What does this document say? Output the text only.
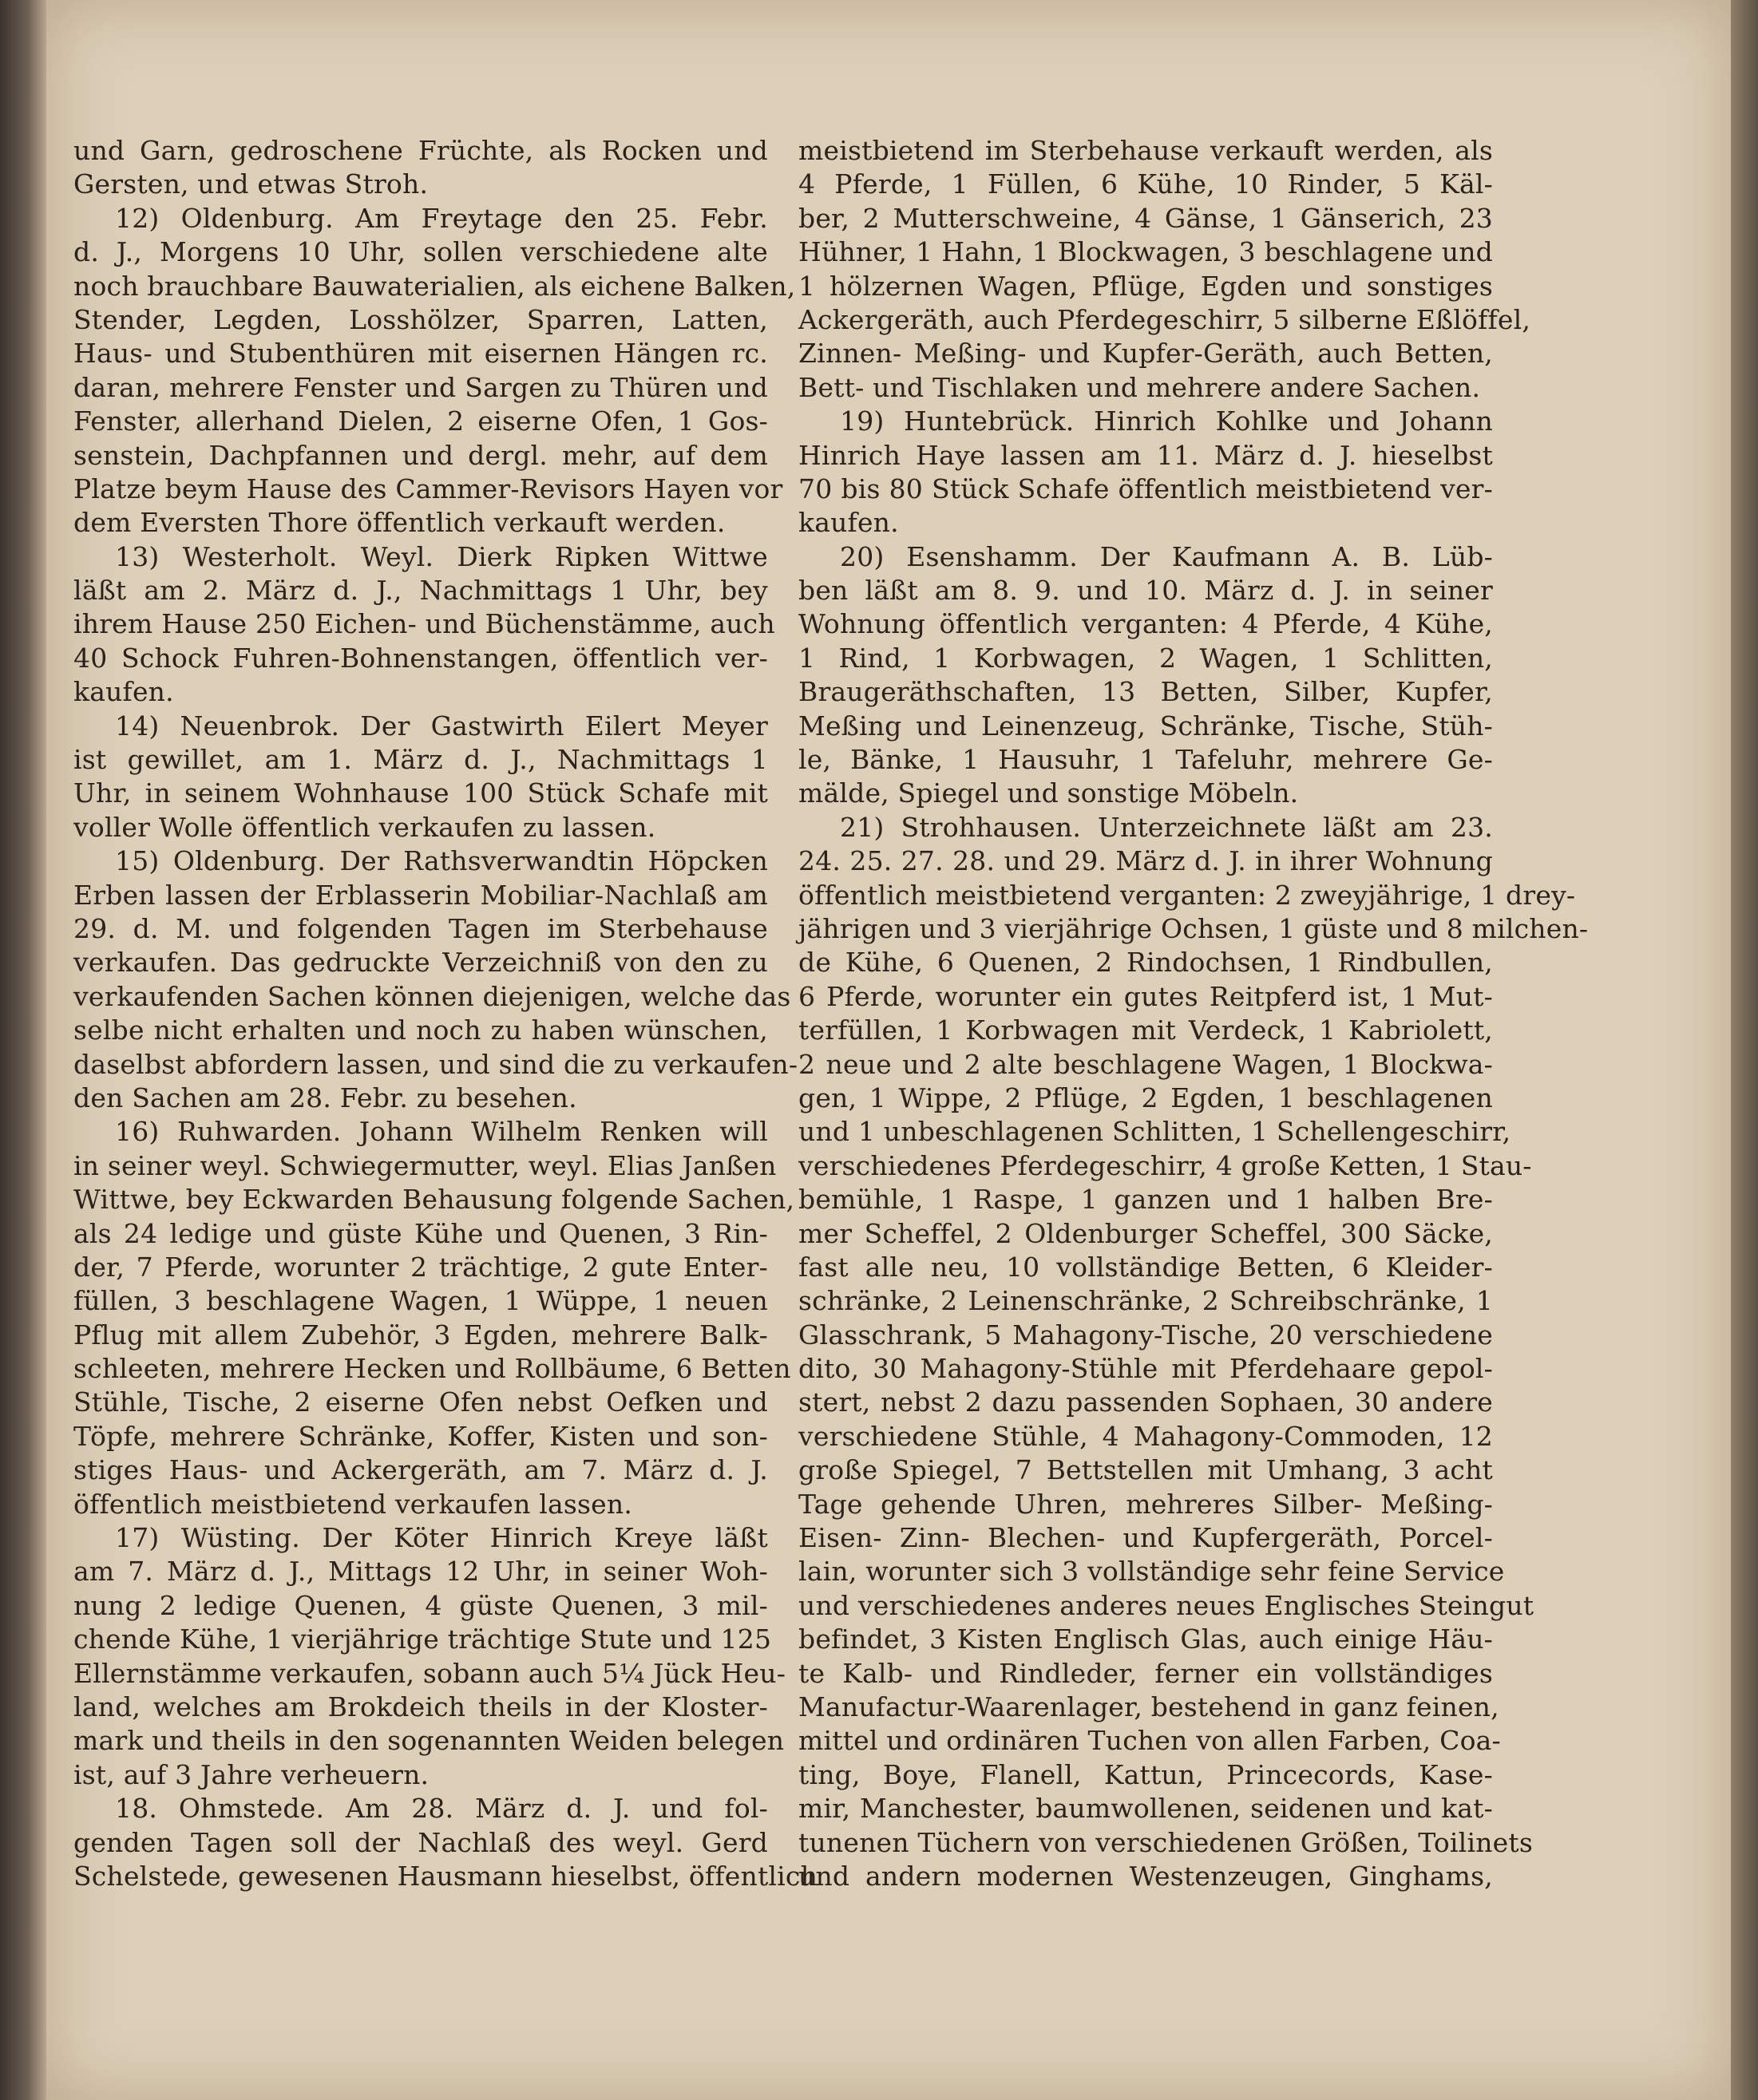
und Garn, gedroschene Früchte, als Rocken und
Gersten, und etwas Stroh.
12) Oldenburg. Am Freytage den 25. Febr.
d. J., Morgens 10 Uhr, sollen verschiedene alte
noch brauchbare Bauwaterialien, als eichene Balken,
Stender, Legden, Losshölzer, Sparren, Latten,
Haus- und Stubenthüren mit eisernen Hängen rc.
daran, mehrere Fenster und Sargen zu Thüren und
Fenster, allerhand Dielen, 2 eiserne Ofen, 1 Gos-
senstein, Dachpfannen und dergl. mehr, auf dem
Platze beym Hause des Cammer-Revisors Hayen vor
dem Eversten Thore öffentlich verkauft werden.
13) Westerholt. Weyl. Dierk Ripken Wittwe
läßt am 2. März d. J., Nachmittags 1 Uhr, bey
ihrem Hause 250 Eichen- und Büchenstämme, auch
40 Schock Fuhren-Bohnenstangen, öffentlich ver-
kaufen.
14) Neuenbrok. Der Gastwirth Eilert Meyer
ist gewillet, am 1. März d. J., Nachmittags 1
Uhr, in seinem Wohnhause 100 Stück Schafe mit
voller Wolle öffentlich verkaufen zu lassen.
15) Oldenburg. Der Rathsverwandtin Höpcken
Erben lassen der Erblasserin Mobiliar-Nachlaß am
29. d. M. und folgenden Tagen im Sterbehause
verkaufen. Das gedruckte Verzeichniß von den zu
verkaufenden Sachen können diejenigen, welche das
selbe nicht erhalten und noch zu haben wünschen,
daselbst abfordern lassen, und sind die zu verkaufen-
den Sachen am 28. Febr. zu besehen.
16) Ruhwarden. Johann Wilhelm Renken will
in seiner weyl. Schwiegermutter, weyl. Elias Janßen
Wittwe, bey Eckwarden Behausung folgende Sachen,
als 24 ledige und güste Kühe und Quenen, 3 Rin-
der, 7 Pferde, worunter 2 trächtige, 2 gute Enter-
füllen, 3 beschlagene Wagen, 1 Wüppe, 1 neuen
Pflug mit allem Zubehör, 3 Egden, mehrere Balk-
schleeten, mehrere Hecken und Rollbäume, 6 Betten
Stühle, Tische, 2 eiserne Ofen nebst Oefken und
Töpfe, mehrere Schränke, Koffer, Kisten und son-
stiges Haus- und Ackergeräth, am 7. März d. J.
öffentlich meistbietend verkaufen lassen.
17) Wüsting. Der Köter Hinrich Kreye läßt
am 7. März d. J., Mittags 12 Uhr, in seiner Woh-
nung 2 ledige Quenen, 4 güste Quenen, 3 mil-
chende Kühe, 1 vierjährige trächtige Stute und 125
Ellernstämme verkaufen, sobann auch 5¼ Jück Heu-
land, welches am Brokdeich theils in der Kloster-
mark und theils in den sogenannten Weiden belegen
ist, auf 3 Jahre verheuern.
18. Ohmstede. Am 28. März d. J. und fol-
genden Tagen soll der Nachlaß des weyl. Gerd
Schelstede, gewesenen Hausmann hieselbst, öffentlich
meistbietend im Sterbehause verkauft werden, als
4 Pferde, 1 Füllen, 6 Kühe, 10 Rinder, 5 Käl-
ber, 2 Mutterschweine, 4 Gänse, 1 Gänserich, 23
Hühner, 1 Hahn, 1 Blockwagen, 3 beschlagene und
1 hölzernen Wagen, Pflüge, Egden und sonstiges
Ackergeräth, auch Pferdegeschirr, 5 silberne Eßlöffel,
Zinnen- Meßing- und Kupfer-Geräth, auch Betten,
Bett- und Tischlaken und mehrere andere Sachen.
19) Huntebrück. Hinrich Kohlke und Johann
Hinrich Haye lassen am 11. März d. J. hieselbst
70 bis 80 Stück Schafe öffentlich meistbietend ver-
kaufen.
20) Esenshamm. Der Kaufmann A. B. Lüb-
ben läßt am 8. 9. und 10. März d. J. in seiner
Wohnung öffentlich verganten: 4 Pferde, 4 Kühe,
1 Rind, 1 Korbwagen, 2 Wagen, 1 Schlitten,
Braugeräthschaften, 13 Betten, Silber, Kupfer,
Meßing und Leinenzeug, Schränke, Tische, Stüh-
le, Bänke, 1 Hausuhr, 1 Tafeluhr, mehrere Ge-
mälde, Spiegel und sonstige Möbeln.
21) Strohhausen. Unterzeichnete läßt am 23.
24. 25. 27. 28. und 29. März d. J. in ihrer Wohnung
öffentlich meistbietend verganten: 2 zweyjährige, 1 drey-
jährigen und 3 vierjährige Ochsen, 1 güste und 8 milchen-
de Kühe, 6 Quenen, 2 Rindochsen, 1 Rindbullen,
6 Pferde, worunter ein gutes Reitpferd ist, 1 Mut-
terfüllen, 1 Korbwagen mit Verdeck, 1 Kabriolett,
2 neue und 2 alte beschlagene Wagen, 1 Blockwa-
gen, 1 Wippe, 2 Pflüge, 2 Egden, 1 beschlagenen
und 1 unbeschlagenen Schlitten, 1 Schellengeschirr,
verschiedenes Pferdegeschirr, 4 große Ketten, 1 Stau-
bemühle, 1 Raspe, 1 ganzen und 1 halben Bre-
mer Scheffel, 2 Oldenburger Scheffel, 300 Säcke,
fast alle neu, 10 vollständige Betten, 6 Kleider-
schränke, 2 Leinenschränke, 2 Schreibschränke, 1
Glasschrank, 5 Mahagony-Tische, 20 verschiedene
dito, 30 Mahagony-Stühle mit Pferdehaare gepol-
stert, nebst 2 dazu passenden Sophaen, 30 andere
verschiedene Stühle, 4 Mahagony-Commoden, 12
große Spiegel, 7 Bettstellen mit Umhang, 3 acht
Tage gehende Uhren, mehreres Silber- Meßing-
Eisen- Zinn- Blechen- und Kupfergeräth, Porcel-
lain, worunter sich 3 vollständige sehr feine Service
und verschiedenes anderes neues Englisches Steingut
befindet, 3 Kisten Englisch Glas, auch einige Häu-
te Kalb- und Rindleder, ferner ein vollständiges
Manufactur-Waarenlager, bestehend in ganz feinen,
mittel und ordinären Tuchen von allen Farben, Coa-
ting, Boye, Flanell, Kattun, Princecords, Kase-
mir, Manchester, baumwollenen, seidenen und kat-
tunenen Tüchern von verschiedenen Größen, Toilinets
und andern modernen Westenzeugen, Ginghams,
